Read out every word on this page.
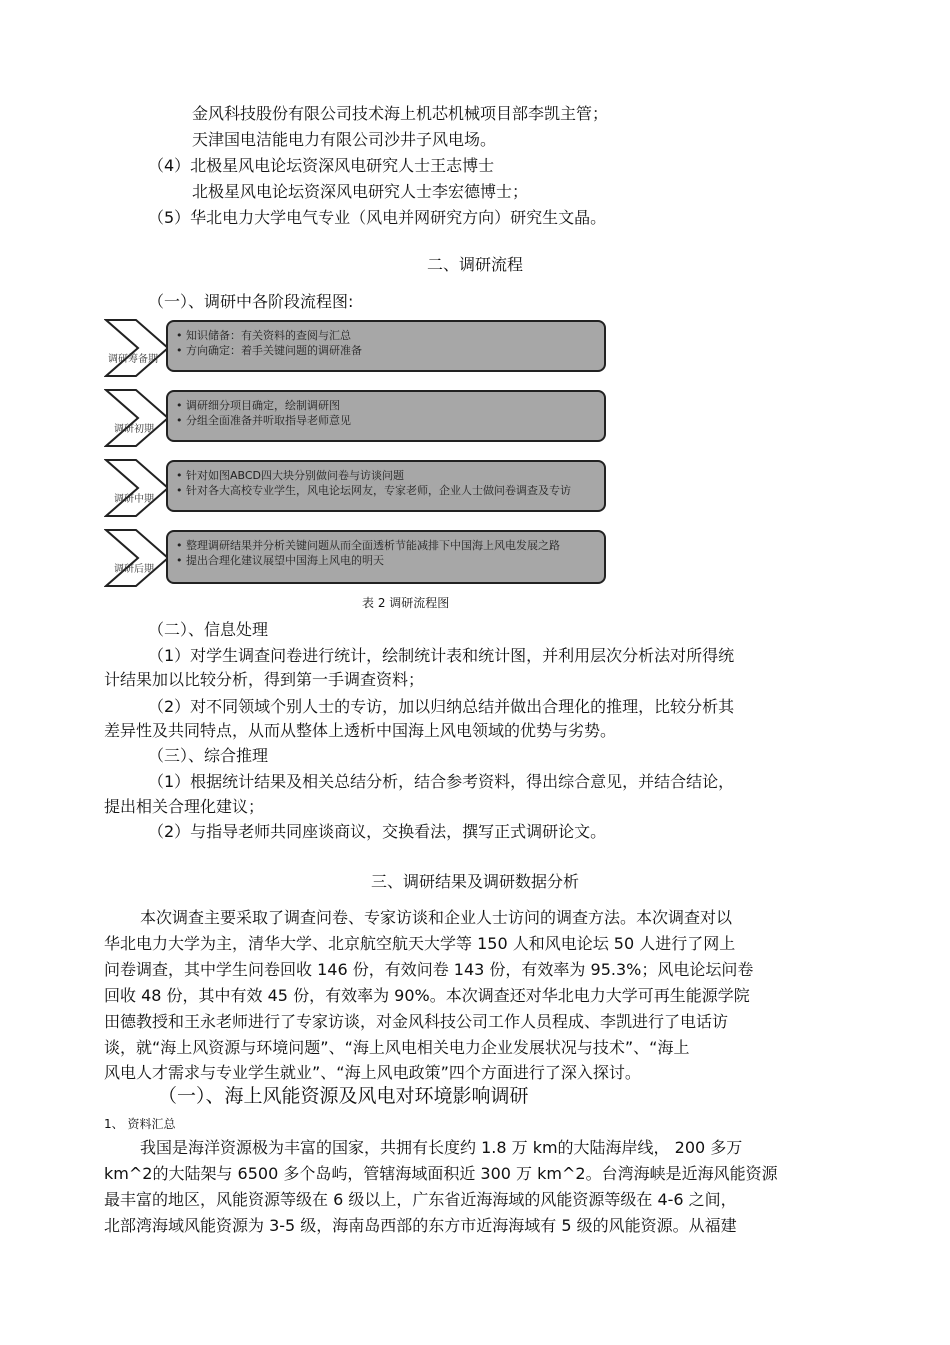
金风科技股份有限公司技术海上机芯机械项目部李凯主管；
天津国电洁能电力有限公司沙井子风电场。
（4）北极星风电论坛资深风电研究人士王志博士
北极星风电论坛资深风电研究人士李宏德博士；
（5）华北电力大学电气专业（风电并网研究方向）研究生文晶。
二、调研流程
（一）、调研中各阶段流程图:
调研筹备期
调研初期
调研中期
调研后期
• 知识储备：有关资料的查阅与汇总
• 方向确定：着手关键问题的调研准备
• 调研细分项目确定，绘制调研图
• 分组全面准备并听取指导老师意见
• 针对如图ABCD四大块分别做问卷与访谈问题
• 针对各大高校专业学生，风电论坛网友，专家老师，企业人士做问卷调查及专访
• 整理调研结果并分析关键问题从而全面透析节能减排下中国海上风电发展之路
• 提出合理化建议展望中国海上风电的明天
表 2 调研流程图
（二）、信息处理
（1）对学生调查问卷进行统计，绘制统计表和统计图，并利用层次分析法对所得统
计结果加以比较分析，得到第一手调查资料；
（2）对不同领域个别人士的专访，加以归纳总结并做出合理化的推理，比较分析其
差异性及共同特点，从而从整体上透析中国海上风电领域的优势与劣势。
（三）、综合推理
（1）根据统计结果及相关总结分析，结合参考资料，得出综合意见，并结合结论，
提出相关合理化建议；
（2）与指导老师共同座谈商议，交换看法，撰写正式调研论文。
三、调研结果及调研数据分析
本次调查主要采取了调查问卷、专家访谈和企业人士访问的调查方法。本次调查对以
华北电力大学为主，清华大学、北京航空航天大学等 150 人和风电论坛 50 人进行了网上
问卷调查，其中学生问卷回收 146 份，有效问卷 143 份，有效率为 95.3%；风电论坛问卷
回收 48 份，其中有效 45 份，有效率为 90%。本次调查还对华北电力大学可再生能源学院
田德教授和王永老师进行了专家访谈，对金风科技公司工作人员程成、李凯进行了电话访
谈，就“海上风资源与环境问题”、“海上风电相关电力企业发展状况与技术”、“海上
风电人才需求与专业学生就业”、“海上风电政策”四个方面进行了深入探讨。
（一）、海上风能资源及风电对环境影响调研
1、 资料汇总
我国是海洋资源极为丰富的国家，共拥有长度约 1.8 万 km的大陆海岸线， 200 多万
km^2的大陆架与 6500 多个岛屿，管辖海域面积近 300 万 km^2。台湾海峡是近海风能资源
最丰富的地区，风能资源等级在 6 级以上，广东省近海海域的风能资源等级在 4-6 之间，
北部湾海域风能资源为 3-5 级，海南岛西部的东方市近海海域有 5 级的风能资源。从福建
